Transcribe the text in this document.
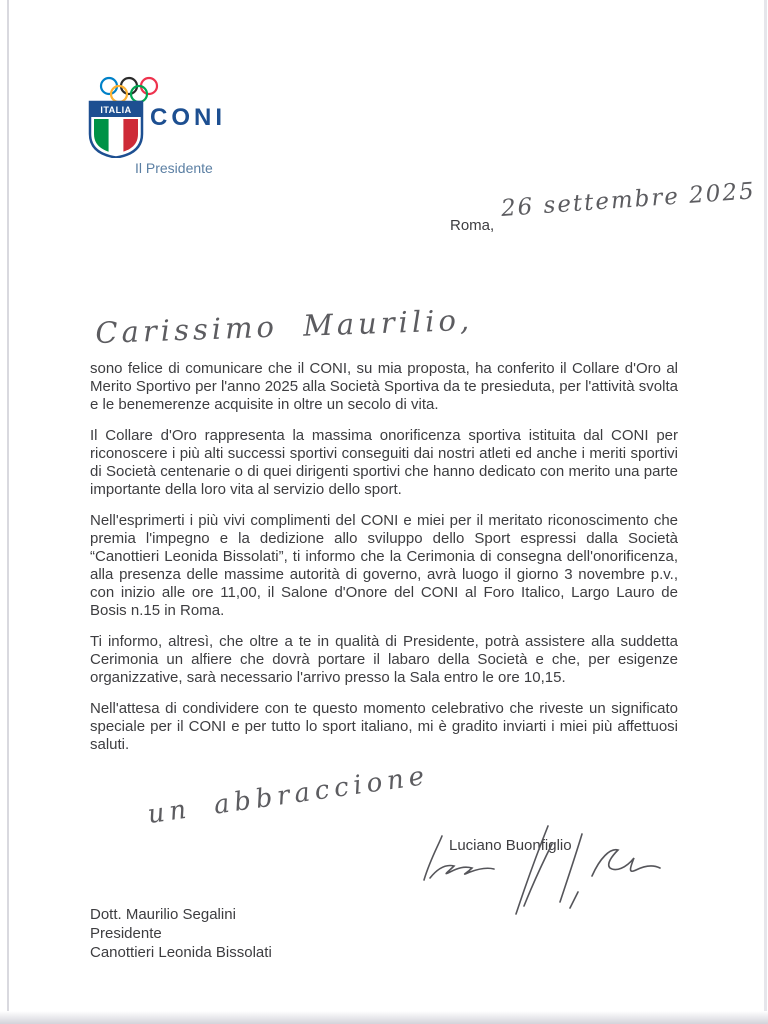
ITALIA CONI
Il Presidente
Roma,
26 settembre 2025
Carissimo Maurilio,

sono felice di comunicare che il CONI, su mia proposta, ha conferito il Collare d'Oro al Merito Sportivo per l'anno 2025 alla Società Sportiva da te presieduta, per l'attività svolta e le benemerenze acquisite in oltre un secolo di vita.

Il Collare d'Oro rappresenta la massima onorificenza sportiva istituita dal CONI per riconoscere i più alti successi sportivi conseguiti dai nostri atleti ed anche i meriti sportivi di Società centenarie o di quei dirigenti sportivi che hanno dedicato con merito una parte importante della loro vita al servizio dello sport.

Nell'esprimerti i più vivi complimenti del CONI e miei per il meritato riconoscimento che premia l'impegno e la dedizione allo sviluppo dello Sport espressi dalla Società “Canottieri Leonida Bissolati”, ti informo che la Cerimonia di consegna dell'onorificenza, alla presenza delle massime autorità di governo, avrà luogo il giorno 3 novembre p.v., con inizio alle ore 11,00, il Salone d'Onore del CONI al Foro Italico, Largo Lauro de Bosis n.15 in Roma.

Ti informo, altresì, che oltre a te in qualità di Presidente, potrà assistere alla suddetta Cerimonia un alfiere che dovrà portare il labaro della Società e che, per esigenze organizzative, sarà necessario l'arrivo presso la Sala entro le ore 10,15.

Nell'attesa di condividere con te questo momento celebrativo che riveste un significato speciale per il CONI e per tutto lo sport italiano, mi è gradito inviarti i miei più affettuosi saluti.

un abbraccione
Luciano Buonfiglio
Dott. Maurilio Segalini
Presidente
Canottieri Leonida Bissolati
